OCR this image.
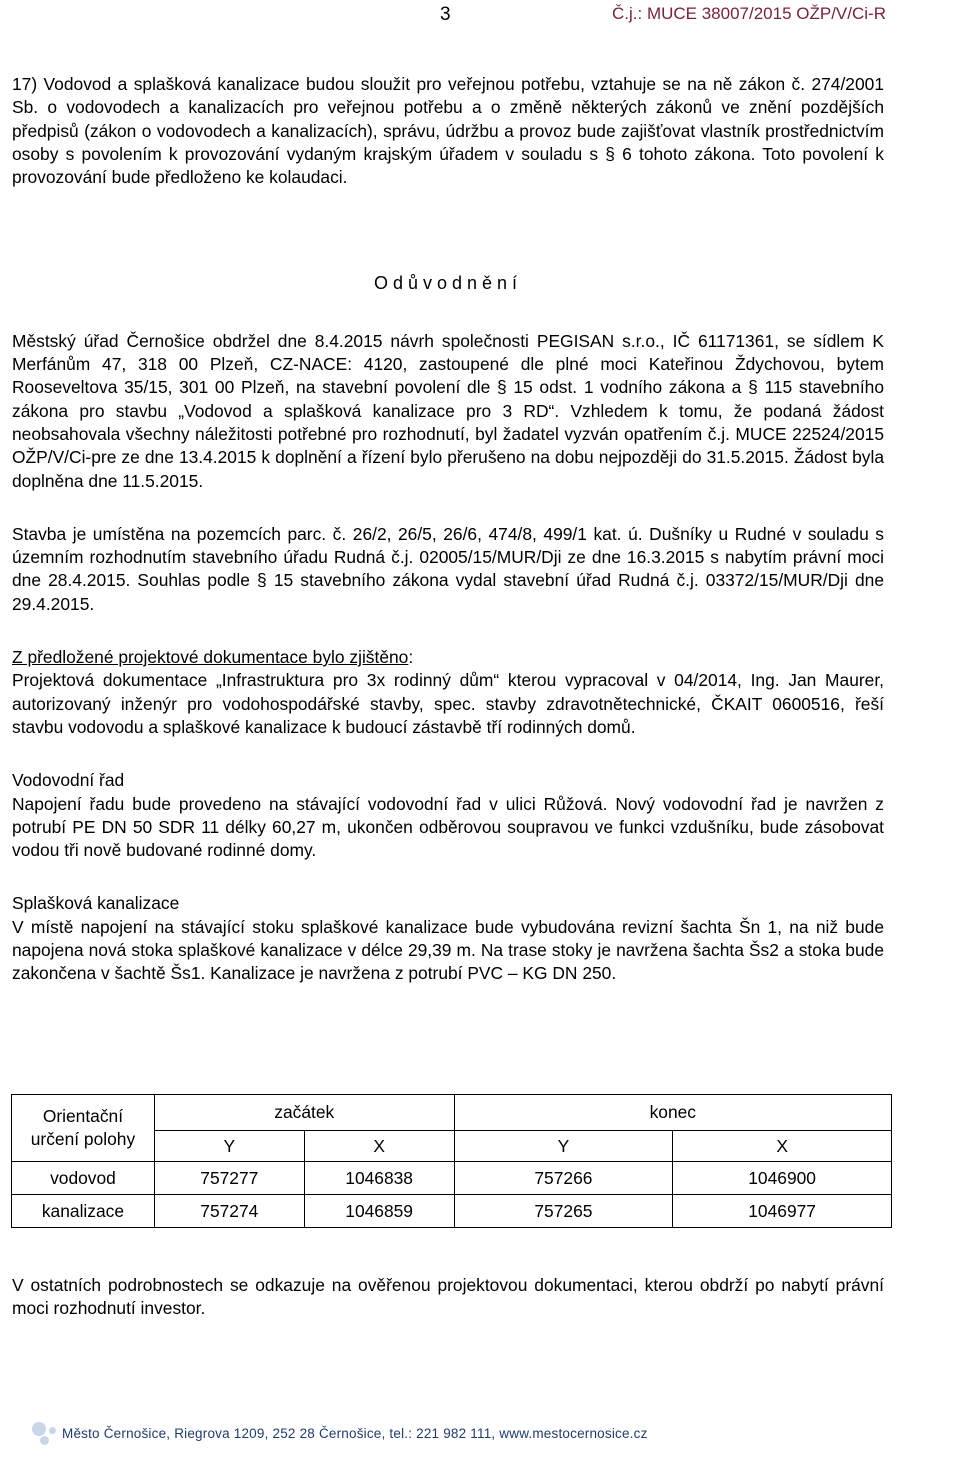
3	Č.j.: MUCE 38007/2015 OŽP/V/Ci-R

17) Vodovod a splašková kanalizace budou sloužit pro veřejnou potřebu, vztahuje se na ně zákon č. 274/2001 Sb. o vodovodech a kanalizacích pro veřejnou potřebu a o změně některých zákonů ve znění pozdějších předpisů (zákon o vodovodech a kanalizacích), správu, údržbu a provoz bude zajišťovat vlastník prostřednictvím osoby s povolením k provozování vydaným krajským úřadem v souladu s § 6 tohoto zákona. Toto povolení k provozování bude předloženo ke kolaudaci.

Odůvodnění

Městský úřad Černošice obdržel dne 8.4.2015 návrh společnosti PEGISAN s.r.o., IČ 61171361, se sídlem K Merfánům 47, 318 00 Plzeň, CZ-NACE: 4120, zastoupené dle plné moci Kateřinou Ždychovou, bytem Rooseveltova 35/15, 301 00 Plzeň, na stavební povolení dle § 15 odst. 1 vodního zákona a § 115 stavebního zákona pro stavbu „Vodovod a splašková kanalizace pro 3 RD“. Vzhledem k tomu, že podaná žádost neobsahovala všechny náležitosti potřebné pro rozhodnutí, byl žadatel vyzván opatřením č.j. MUCE 22524/2015 OŽP/V/Ci-pre ze dne 13.4.2015 k doplnění a řízení bylo přerušeno na dobu nejpozději do 31.5.2015. Žádost byla doplněna dne 11.5.2015.

Stavba je umístěna na pozemcích parc. č. 26/2, 26/5, 26/6, 474/8, 499/1 kat. ú. Dušníky u Rudné v souladu s územním rozhodnutím stavebního úřadu Rudná č.j. 02005/15/MUR/Dji ze dne 16.3.2015 s nabytím právní moci dne 28.4.2015. Souhlas podle § 15 stavebního zákona vydal stavební úřad Rudná č.j. 03372/15/MUR/Dji dne 29.4.2015.

Z předložené projektové dokumentace bylo zjištěno:

Projektová dokumentace „Infrastruktura pro 3x rodinný dům“ kterou vypracoval v 04/2014, Ing. Jan Maurer, autorizovaný inženýr pro vodohospodářské stavby, spec. stavby zdravotnětechnické, ČKAIT 0600516, řeší stavbu vodovodu a splaškové kanalizace k budoucí zástavbě tří rodinných domů.

Vodovodní řad

Napojení řadu bude provedeno na stávající vodovodní řad v ulici Růžová. Nový vodovodní řad je navržen z potrubí PE DN 50 SDR 11 délky 60,27 m, ukončen odběrovou soupravou ve funkci vzdušníku, bude zásobovat vodou tři nově budované rodinné domy.

Splašková kanalizace

V místě napojení na stávající stoku splaškové kanalizace bude vybudována revizní šachta Šn 1, na niž bude napojena nová stoka splaškové kanalizace v délce 29,39 m. Na trase stoky je navržena šachta Šs2 a stoka bude zakončena v šachtě Šs1. Kanalizace je navržena z potrubí PVC – KG DN 250.

Orientační určení polohy	začátek		konec	
	Y	X	Y	X
vodovod	757277	1046838	757266	1046900
kanalizace	757274	1046859	757265	1046977

V ostatních podrobnostech se odkazuje na ověřenou projektovou dokumentaci, kterou obdrží po nabytí právní moci rozhodnutí investor.

Město Černošice, Riegrova 1209, 252 28 Černošice, tel.: 221 982 111, www.mestocernosice.cz
